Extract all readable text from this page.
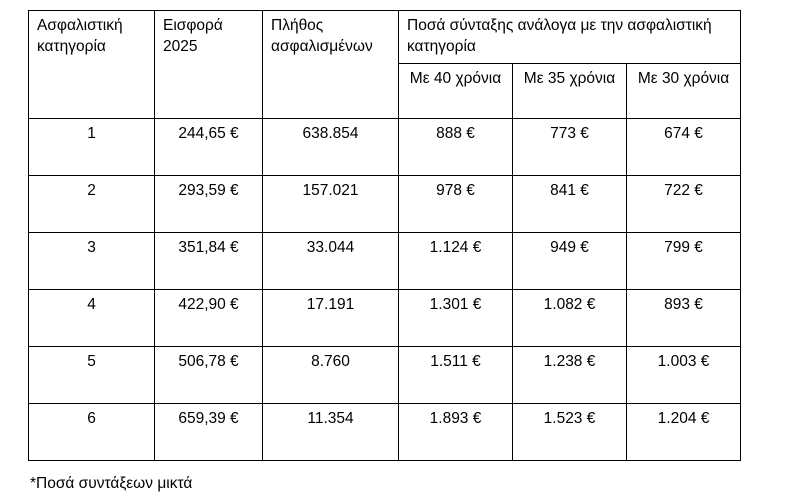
Ασφαλιστική κατηγορία	Εισφορά 2025	Πλήθος ασφαλισμένων	Ποσά σύνταξης ανάλογα με την ασφαλιστική κατηγορία		
			Με 40 χρόνια	Με 35 χρόνια	Με 30 χρόνια
1	244,65 €	638.854	888 €	773 €	674 €
2	293,59 €	157.021	978 €	841 €	722 €
3	351,84 €	33.044	1.124 €	949 €	799 €
4	422,90 €	17.191	1.301 €	1.082 €	893 €
5	506,78 €	8.760	1.511 €	1.238 €	1.003 €
6	659,39 €	11.354	1.893 €	1.523 €	1.204 €
*Ποσά συντάξεων μικτά
